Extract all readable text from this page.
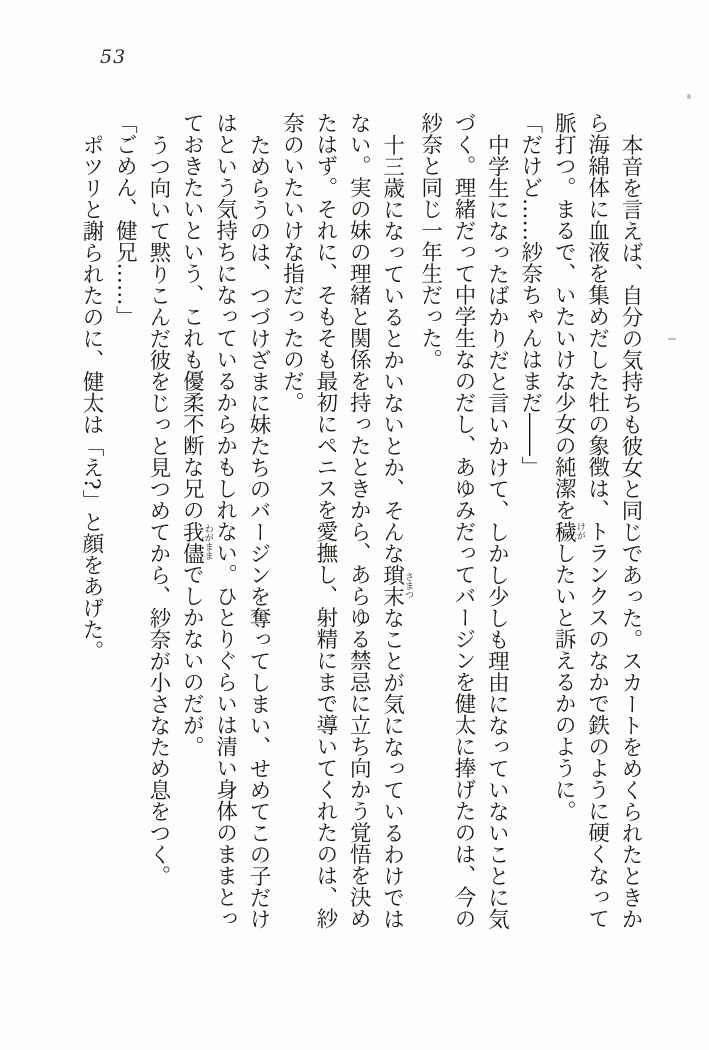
53

本音を言えば、自分の気持ちも彼女と同じであった。スカートをめくられたときから海綿体に血液を集めだした牡の象徴は、トランクスのなかで鉄のように硬くなって脈打つ。まるで、いたいけな少女の純潔を穢けがしたいと訴えるかのように。

「だけど……紗奈ちゃんはまだ――」

中学生になったばかりだと言いかけて、しかし少しも理由になっていないことに気づく。理緒だって中学生なのだし、あゆみだってバージンを健太に捧げたのは、今の紗奈と同じ一年生だった。

十三歳になっているとかいないとか、そんな瑣末さまつなことが気になっているわけではない。実の妹の理緒と関係を持ったときから、あらゆる禁忌に立ち向かう覚悟を決めたはず。それに、そもそも最初にペニスを愛撫し、射精にまで導いてくれたのは、紗奈のいたいけな指だったのだ。

ためらうのは、つづけざまに妹たちのバージンを奪ってしまい、せめてこの子だけはという気持ちになっているからかもしれない。ひとりぐらいは清い身体のままとっておきたいという、これも優柔不断な兄の我儘わがままでしかないのだが。

うつ向いて黙りこんだ彼をじっと見つめてから、紗奈が小さなため息をつく。

「ごめん、健兄……」

ポツリと謝られたのに、健太は「え?」と顔をあげた。
